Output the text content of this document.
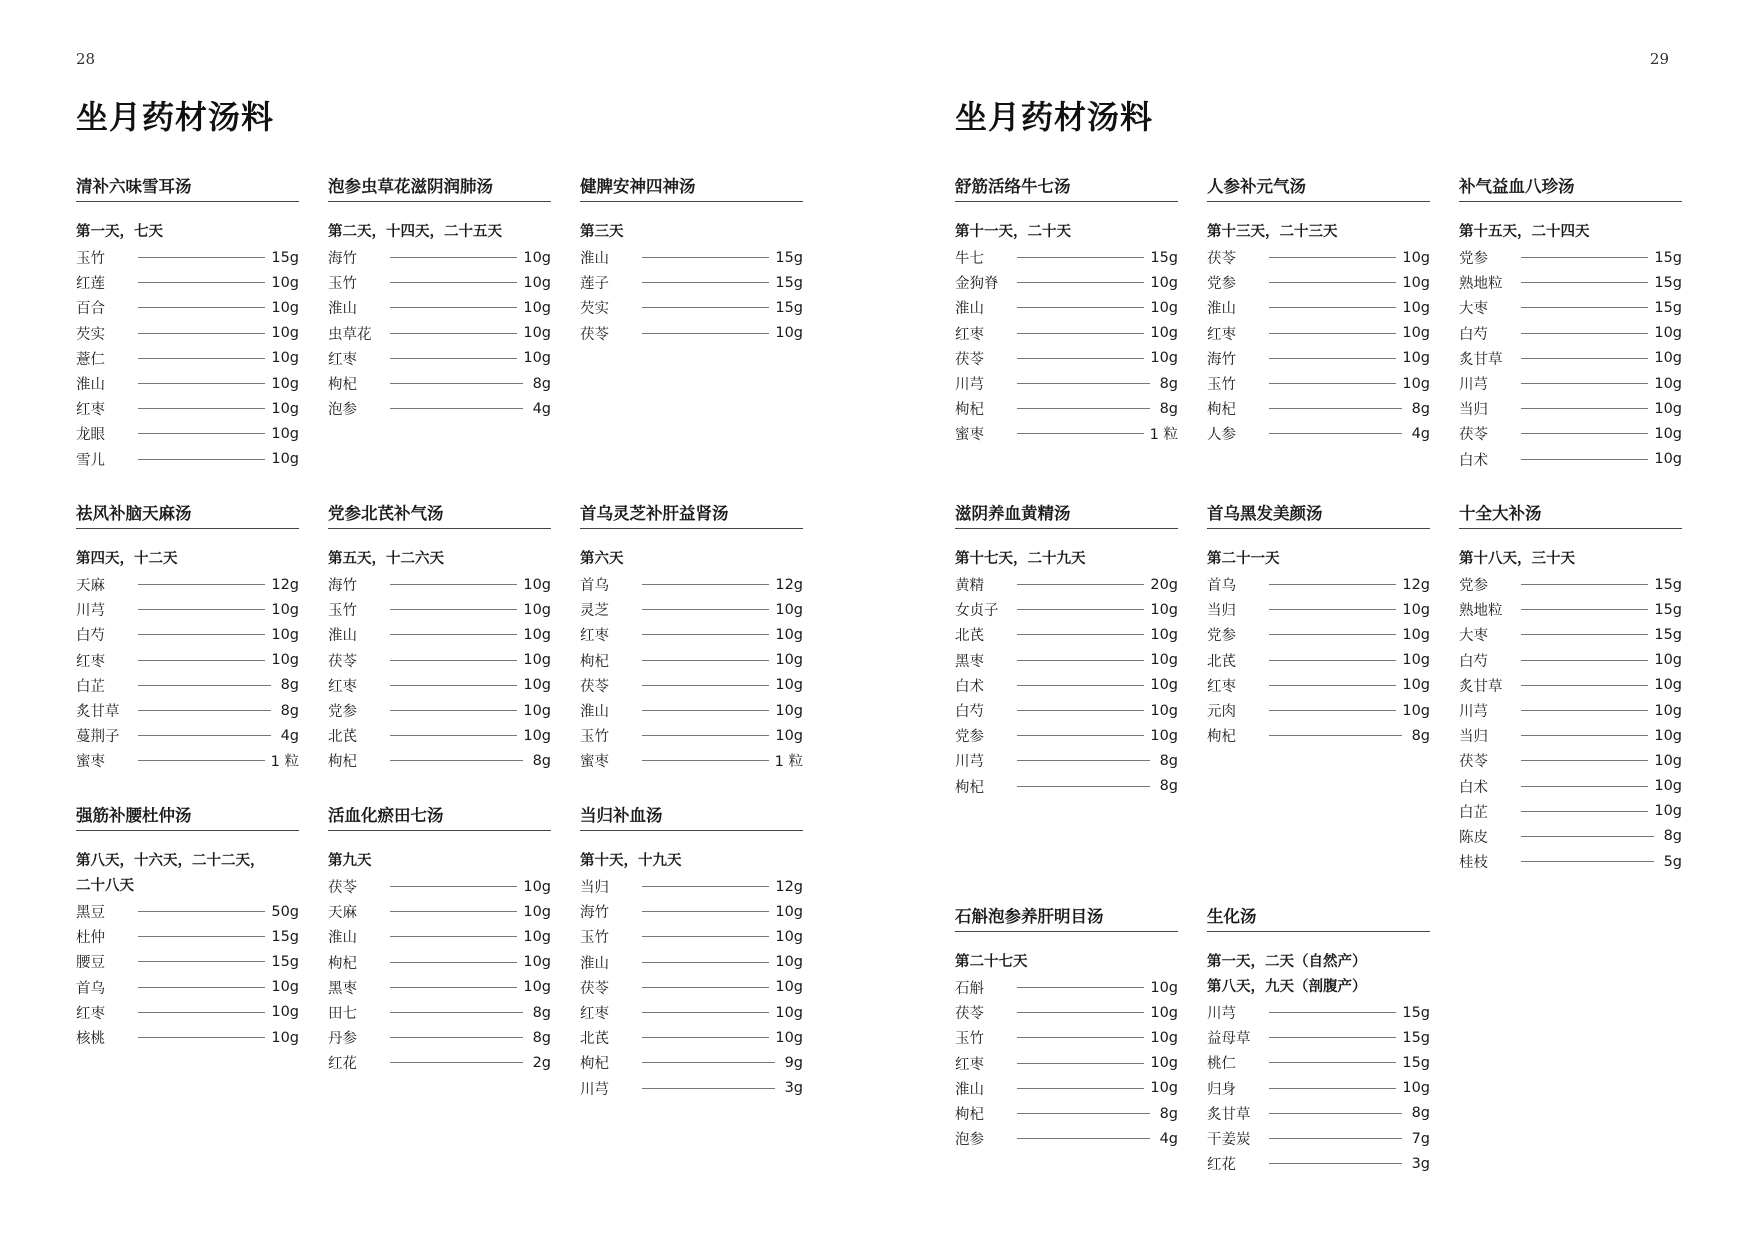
28
坐月药材汤料
清补六味雪耳汤
第一天，七天
玉竹	15g
红莲	10g
百合	10g
芡实	10g
薏仁	10g
淮山	10g
红枣	10g
龙眼	10g
雪儿	10g
泡参虫草花滋阴润肺汤
第二天，十四天，二十五天
海竹	10g
玉竹	10g
淮山	10g
虫草花	10g
红枣	10g
枸杞	8g
泡参	4g
健脾安神四神汤
第三天
淮山	15g
莲子	15g
芡实	15g
茯苓	10g
祛风补脑天麻汤
第四天，十二天
天麻	12g
川芎	10g
白芍	10g
红枣	10g
白芷	8g
炙甘草	8g
蔓荆子	4g
蜜枣	1 粒
党参北芪补气汤
第五天，十二六天
海竹	10g
玉竹	10g
淮山	10g
茯苓	10g
红枣	10g
党参	10g
北芪	10g
枸杞	8g
首乌灵芝补肝益肾汤
第六天
首乌	12g
灵芝	10g
红枣	10g
枸杞	10g
茯苓	10g
淮山	10g
玉竹	10g
蜜枣	1 粒
强筋补腰杜仲汤
第八天，十六天，二十二天，
二十八天
黑豆	50g
杜仲	15g
腰豆	15g
首乌	10g
红枣	10g
核桃	10g
活血化瘀田七汤
第九天
茯苓	10g
天麻	10g
淮山	10g
枸杞	10g
黑枣	10g
田七	8g
丹参	8g
红花	2g
当归补血汤
第十天，十九天
当归	12g
海竹	10g
玉竹	10g
淮山	10g
茯苓	10g
红枣	10g
北芪	10g
枸杞	9g
川芎	3g
29
坐月药材汤料
舒筋活络牛七汤
第十一天，二十天
牛七	15g
金狗脊	10g
淮山	10g
红枣	10g
茯苓	10g
川芎	8g
枸杞	8g
蜜枣	1 粒
人参补元气汤
第十三天，二十三天
茯苓	10g
党参	10g
淮山	10g
红枣	10g
海竹	10g
玉竹	10g
枸杞	8g
人参	4g
补气益血八珍汤
第十五天，二十四天
党参	15g
熟地粒	15g
大枣	15g
白芍	10g
炙甘草	10g
川芎	10g
当归	10g
茯苓	10g
白术	10g
滋阴养血黄精汤
第十七天，二十九天
黄精	20g
女贞子	10g
北芪	10g
黑枣	10g
白术	10g
白芍	10g
党参	10g
川芎	8g
枸杞	8g
首乌黑发美颜汤
第二十一天
首乌	12g
当归	10g
党参	10g
北芪	10g
红枣	10g
元肉	10g
枸杞	8g
十全大补汤
第十八天，三十天
党参	15g
熟地粒	15g
大枣	15g
白芍	10g
炙甘草	10g
川芎	10g
当归	10g
茯苓	10g
白术	10g
白芷	10g
陈皮	8g
桂枝	5g
石斛泡参养肝明目汤
第二十七天
石斛	10g
茯苓	10g
玉竹	10g
红枣	10g
淮山	10g
枸杞	8g
泡参	4g
生化汤
第一天，二天（自然产）
第八天，九天（剖腹产）
川芎	15g
益母草	15g
桃仁	15g
归身	10g
炙甘草	8g
干姜炭	7g
红花	3g
